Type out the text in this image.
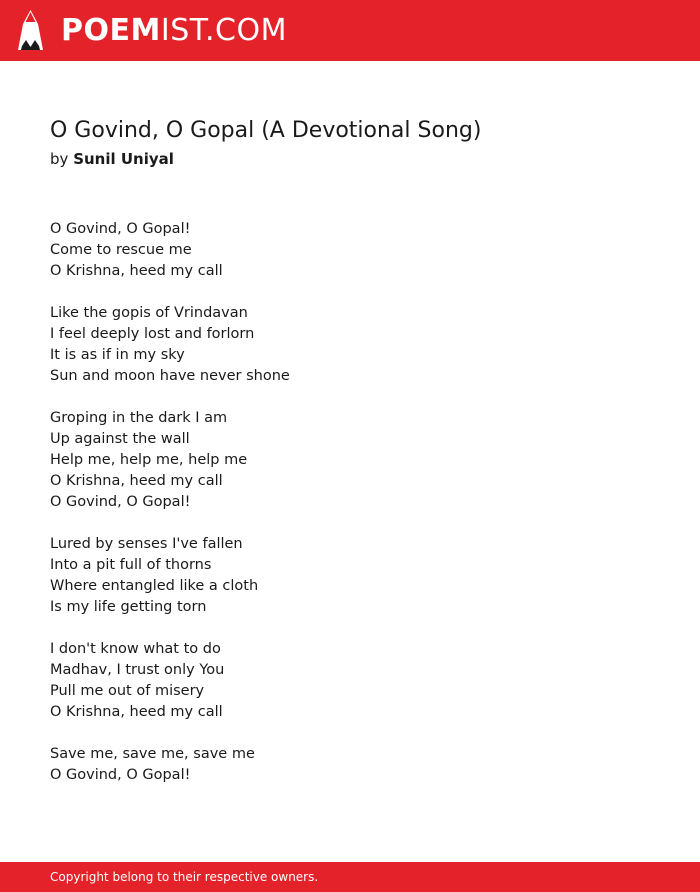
POEMIST.COM
O Govind, O Gopal (A Devotional Song)
by Sunil Uniyal
O Govind, O Gopal!
Come to rescue me
O Krishna, heed my call
Like the gopis of Vrindavan
I feel deeply lost and forlorn
It is as if in my sky
Sun and moon have never shone
Groping in the dark I am
Up against the wall
Help me, help me, help me
O Krishna, heed my call
O Govind, O Gopal!
Lured by senses I've fallen
Into a pit full of thorns
Where entangled like a cloth
Is my life getting torn
I don't know what to do
Madhav, I trust only You
Pull me out of misery
O Krishna, heed my call
Save me, save me, save me
O Govind, O Gopal!
Copyright belong to their respective owners.
